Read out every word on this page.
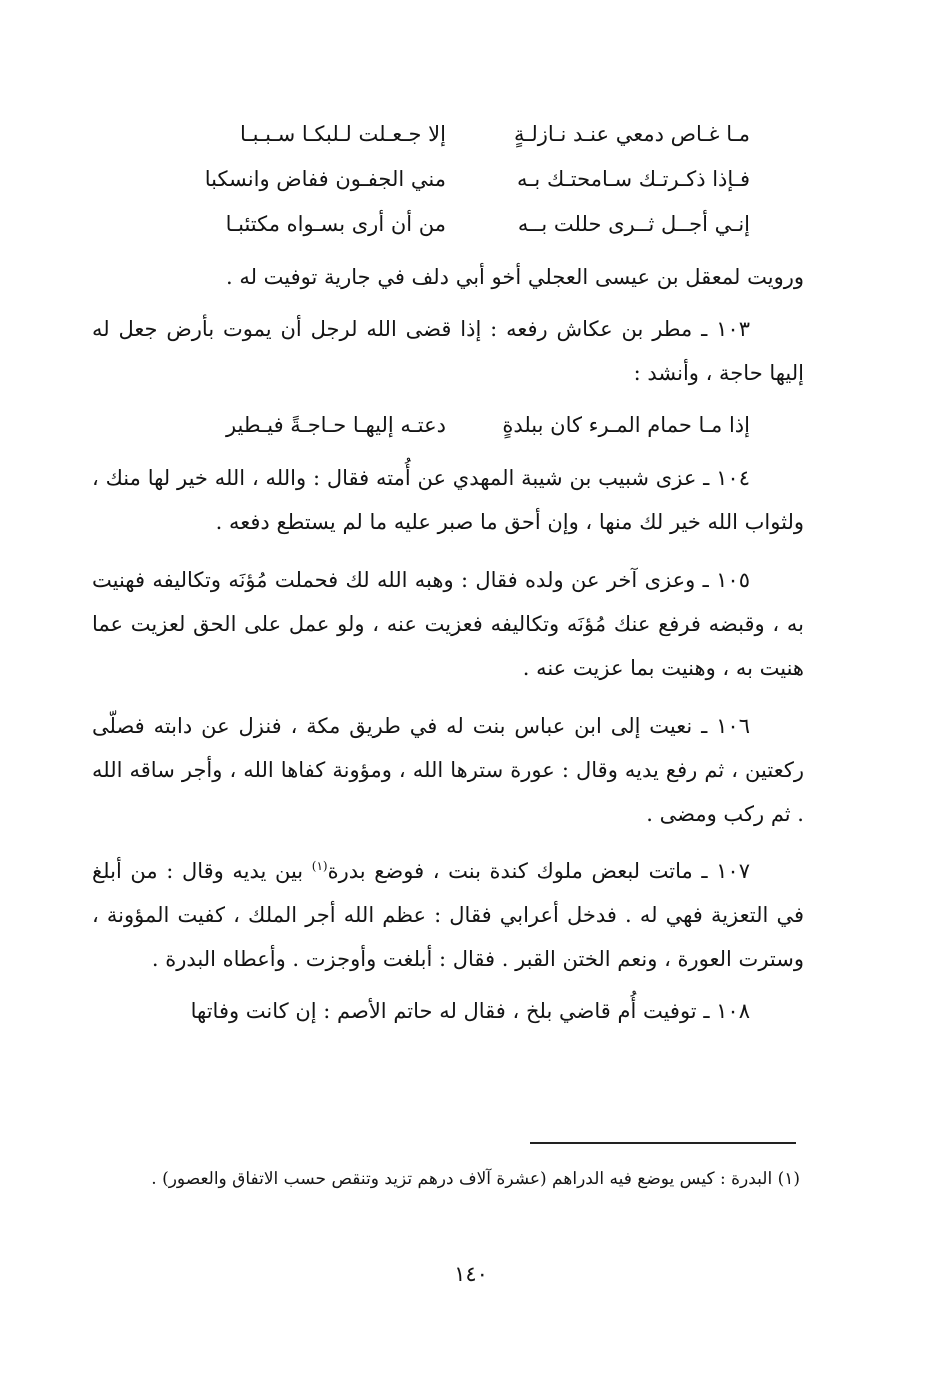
مـا غـاص دمعي عنـد نـازلـةٍ
إلا جـعـلت لـلبكـا سـبـبـا
فـإذا ذكـرتـك سـامحتـك بـه
مني الجفـون ففاض وانسكبا
إنـي أجــل ثــرى حللت بــه
من أن أرى بسـواه مكتئبـا

ورويت لمعقل بن عيسى العجلي أخو أبي دلف في جارية توفيت له .

١٠٣ ـ مطر بن عكاش رفعه : إذا قضى الله لرجل أن يموت بأرض جعل له إليها حاجة ، وأنشد :

إذا مـا حمام المـرء كان ببلدةٍ
دعتـه إليهـا حـاجـةً فيـطير

١٠٤ ـ عزى شبيب بن شيبة المهدي عن أُمته فقال : والله ، الله خير لها منك ، ولثواب الله خير لك منها ، وإن أحق ما صبر عليه ما لم يستطع دفعه .

١٠٥ ـ وعزى آخر عن ولده فقال : وهبه الله لك فحملت مُؤنَه وتكاليفه فهنيت به ، وقبضه فرفع عنك مُؤنَه وتكاليفه فعزيت عنه ، ولو عمل على الحق لعزيت عما هنيت به ، وهنيت بما عزيت عنه .

١٠٦ ـ نعيت إلى ابن عباس بنت له في طريق مكة ، فنزل عن دابته فصلّى ركعتين ، ثم رفع يديه وقال : عورة سترها الله ، ومؤونة كفاها الله ، وأجر ساقه الله . ثم ركب ومضى .

١٠٧ ـ ماتت لبعض ملوك كندة بنت ، فوضع بدرة$^{(١)}$ بين يديه وقال : من أبلغ في التعزية فهي له . فدخل أعرابي فقال : عظم الله أجر الملك ، كفيت المؤونة ، وسترت العورة ، ونعم الختن القبر . فقال : أبلغت وأوجزت . وأعطاه البدرة .

١٠٨ ـ توفيت أُم قاضي بلخ ، فقال له حاتم الأصم : إن كانت وفاتها

(١) البدرة : كيس يوضع فيه الدراهم (عشرة آلاف درهم تزيد وتنقص حسب الاتفاق والعصور) .

١٤٠
